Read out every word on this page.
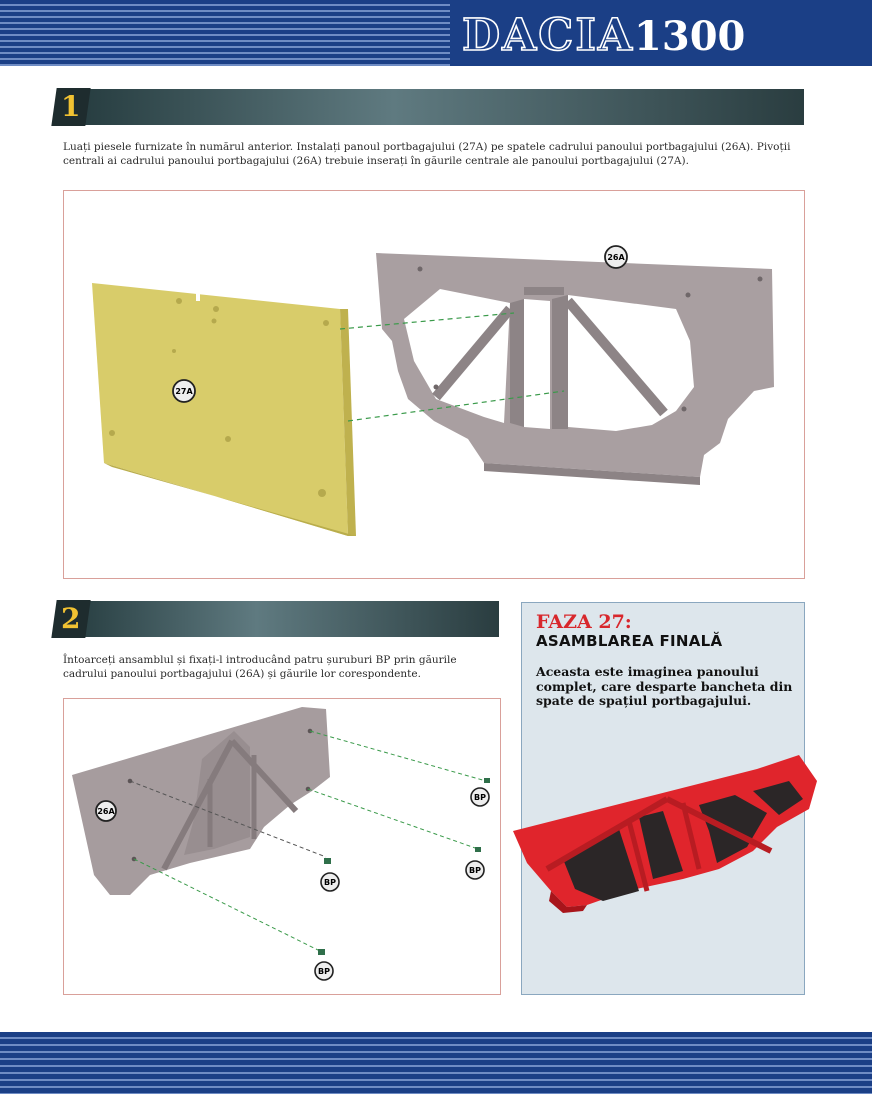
DACIA1300
1
Luați piesele furnizate în numărul anterior. Instalați panoul portbagajului (27A) pe spatele cadrului panoului portbagajului (26A). Pivoții centrali ai cadrului panoului portbagajului (26A) trebuie inserați în găurile centrale ale panoului portbagajului (27A).
27A
26A
2
Întoarceți ansamblul și fixați-l introducând patru șuruburi BP prin găurile cadrului panoului portbagajului (26A) și găurile lor corespondente.
26A
BP
BP
BP
BP
FAZA 27:
ASAMBLAREA FINALĂ
Aceasta este imaginea panoului complet, care desparte bancheta din spate de spațiul portbagajului.
